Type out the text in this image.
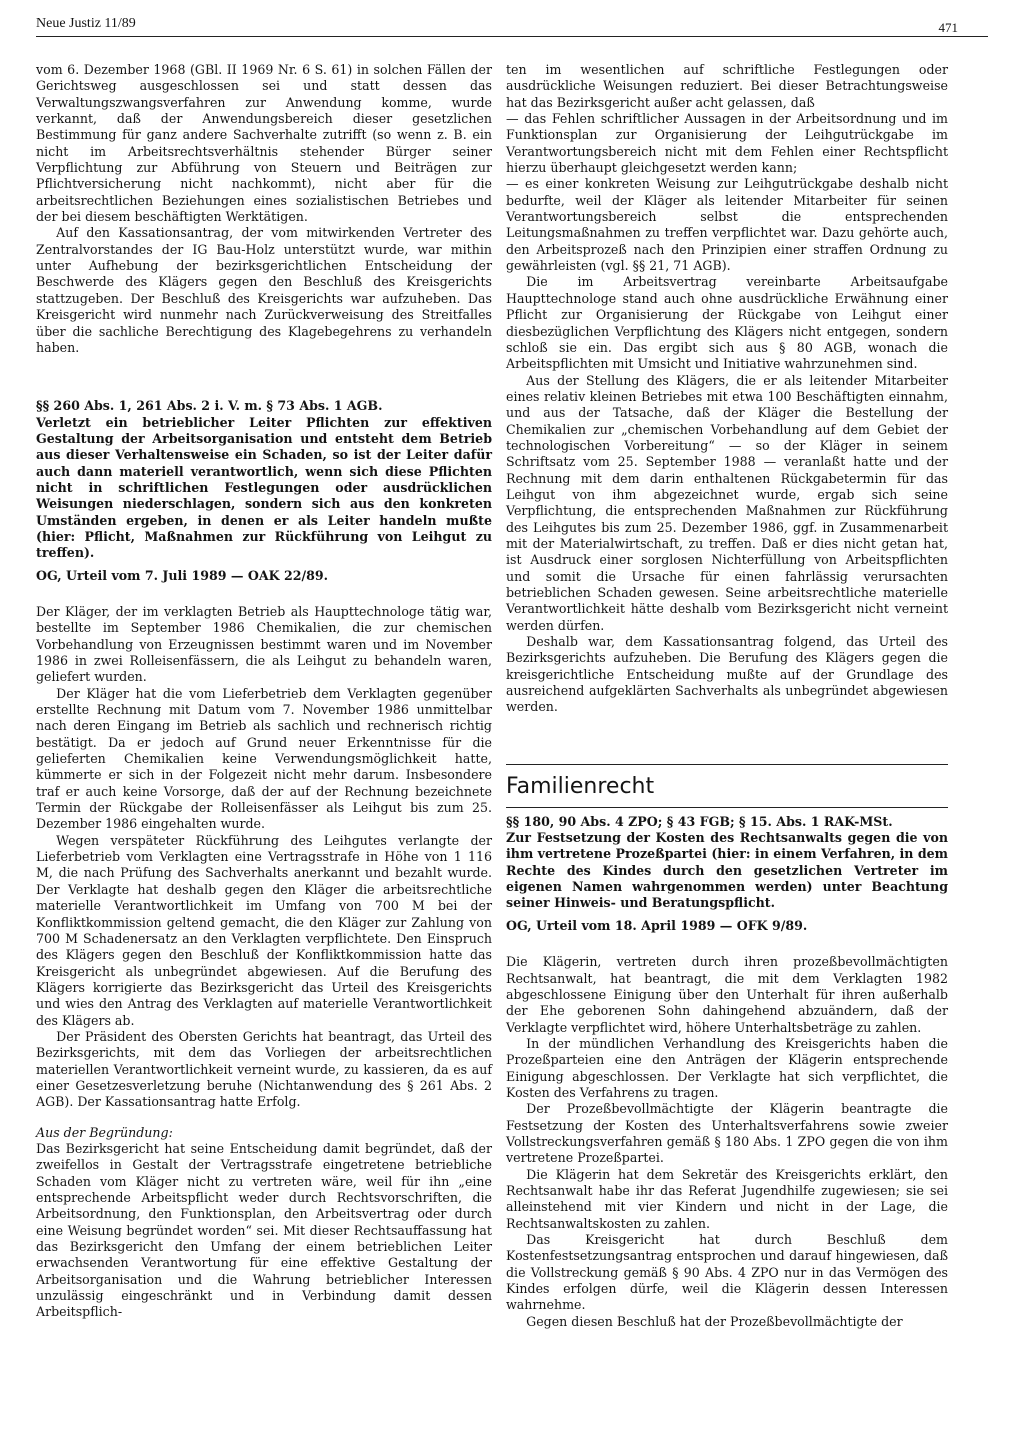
Neue Justiz 11/89	471

vom 6. Dezember 1968 (GBl. II 1969 Nr. 6 S. 61) in solchen Fällen der Gerichtsweg ausgeschlossen sei und statt dessen das Verwaltungszwangsverfahren zur Anwendung komme, wurde verkannt, daß der Anwendungsbereich dieser gesetzlichen Bestimmung für ganz andere Sachverhalte zutrifft (so wenn z. B. ein nicht im Arbeitsrechtsverhältnis stehender Bürger seiner Verpflichtung zur Abführung von Steuern und Beiträgen zur Pflichtversicherung nicht nachkommt), nicht aber für die arbeitsrechtlichen Beziehungen eines sozialistischen Betriebes und der bei diesem beschäftigten Werktätigen.

Auf den Kassationsantrag, der vom mitwirkenden Vertreter des Zentralvorstandes der IG Bau-Holz unterstützt wurde, war mithin unter Aufhebung der bezirksgerichtlichen Entscheidung der Beschwerde des Klägers gegen den Beschluß des Kreisgerichts stattzugeben. Der Beschluß des Kreisgerichts war aufzuheben. Das Kreisgericht wird nunmehr nach Zurückverweisung des Streitfalles über die sachliche Berechtigung des Klagebegehrens zu verhandeln haben.

§§ 260 Abs. 1, 261 Abs. 2 i. V. m. § 73 Abs. 1 AGB.

Verletzt ein betrieblicher Leiter Pflichten zur effektiven Gestaltung der Arbeitsorganisation und entsteht dem Betrieb aus dieser Verhaltensweise ein Schaden, so ist der Leiter dafür auch dann materiell verantwortlich, wenn sich diese Pflichten nicht in schriftlichen Festlegungen oder ausdrücklichen Weisungen niederschlagen, sondern sich aus den konkreten Umständen ergeben, in denen er als Leiter handeln mußte (hier: Pflicht, Maßnahmen zur Rückführung von Leihgut zu treffen).

OG, Urteil vom 7. Juli 1989 — OAK 22/89.

Der Kläger, der im verklagten Betrieb als Haupttechnologe tätig war, bestellte im September 1986 Chemikalien, die zur chemischen Vorbehandlung von Erzeugnissen bestimmt waren und im November 1986 in zwei Rolleisenfässern, die als Leihgut zu behandeln waren, geliefert wurden.

Der Kläger hat die vom Lieferbetrieb dem Verklagten gegenüber erstellte Rechnung mit Datum vom 7. November 1986 unmittelbar nach deren Eingang im Betrieb als sachlich und rechnerisch richtig bestätigt. Da er jedoch auf Grund neuer Erkenntnisse für die gelieferten Chemikalien keine Verwendungsmöglichkeit hatte, kümmerte er sich in der Folgezeit nicht mehr darum. Insbesondere traf er auch keine Vorsorge, daß der auf der Rechnung bezeichnete Termin der Rückgabe der Rolleisenfässer als Leihgut bis zum 25. Dezember 1986 eingehalten wurde.

Wegen verspäteter Rückführung des Leihgutes verlangte der Lieferbetrieb vom Verklagten eine Vertragsstrafe in Höhe von 1 116 M, die nach Prüfung des Sachverhalts anerkannt und bezahlt wurde. Der Verklagte hat deshalb gegen den Kläger die arbeitsrechtliche materielle Verantwortlichkeit im Umfang von 700 M bei der Konfliktkommission geltend gemacht, die den Kläger zur Zahlung von 700 M Schadenersatz an den Verklagten verpflichtete. Den Einspruch des Klägers gegen den Beschluß der Konfliktkommission hatte das Kreisgericht als unbegründet abgewiesen. Auf die Berufung des Klägers korrigierte das Bezirksgericht das Urteil des Kreisgerichts und wies den Antrag des Verklagten auf materielle Verantwortlichkeit des Klägers ab.

Der Präsident des Obersten Gerichts hat beantragt, das Urteil des Bezirksgerichts, mit dem das Vorliegen der arbeitsrechtlichen materiellen Verantwortlichkeit verneint wurde, zu kassieren, da es auf einer Gesetzesverletzung beruhe (Nichtanwendung des § 261 Abs. 2 AGB). Der Kassationsantrag hatte Erfolg.

Aus der Begründung:

Das Bezirksgericht hat seine Entscheidung damit begründet, daß der zweifellos in Gestalt der Vertragsstrafe eingetretene betriebliche Schaden vom Kläger nicht zu vertreten wäre, weil für ihn „eine entsprechende Arbeitspflicht weder durch Rechtsvorschriften, die Arbeitsordnung, den Funktionsplan, den Arbeitsvertrag oder durch eine Weisung begründet worden“ sei. Mit dieser Rechtsauffassung hat das Bezirksgericht den Umfang der einem betrieblichen Leiter erwachsenden Verantwortung für eine effektive Gestaltung der Arbeitsorganisation und die Wahrung betrieblicher Interessen unzulässig eingeschränkt und in Verbindung damit dessen Arbeitspflich-

ten im wesentlichen auf schriftliche Festlegungen oder ausdrückliche Weisungen reduziert. Bei dieser Betrachtungsweise hat das Bezirksgericht außer acht gelassen, daß

— das Fehlen schriftlicher Aussagen in der Arbeitsordnung und im Funktionsplan zur Organisierung der Leihgutrückgabe im Verantwortungsbereich nicht mit dem Fehlen einer Rechtspflicht hierzu überhaupt gleichgesetzt werden kann;

— es einer konkreten Weisung zur Leihgutrückgabe deshalb nicht bedurfte, weil der Kläger als leitender Mitarbeiter für seinen Verantwortungsbereich selbst die entsprechenden Leitungsmaßnahmen zu treffen verpflichtet war. Dazu gehörte auch, den Arbeitsprozeß nach den Prinzipien einer straffen Ordnung zu gewährleisten (vgl. §§ 21, 71 AGB).

Die im Arbeitsvertrag vereinbarte Arbeitsaufgabe Haupttechnologe stand auch ohne ausdrückliche Erwähnung einer Pflicht zur Organisierung der Rückgabe von Leihgut einer diesbezüglichen Verpflichtung des Klägers nicht entgegen, sondern schloß sie ein. Das ergibt sich aus § 80 AGB, wonach die Arbeitspflichten mit Umsicht und Initiative wahrzunehmen sind.

Aus der Stellung des Klägers, die er als leitender Mitarbeiter eines relativ kleinen Betriebes mit etwa 100 Beschäftigten einnahm, und aus der Tatsache, daß der Kläger die Bestellung der Chemikalien zur „chemischen Vorbehandlung auf dem Gebiet der technologischen Vorbereitung“ — so der Kläger in seinem Schriftsatz vom 25. September 1988 — veranlaßt hatte und der Rechnung mit dem darin enthaltenen Rückgabetermin für das Leihgut von ihm abgezeichnet wurde, ergab sich seine Verpflichtung, die entsprechenden Maßnahmen zur Rückführung des Leihgutes bis zum 25. Dezember 1986, ggf. in Zusammenarbeit mit der Materialwirtschaft, zu treffen. Daß er dies nicht getan hat, ist Ausdruck einer sorglosen Nichterfüllung von Arbeitspflichten und somit die Ursache für einen fahrlässig verursachten betrieblichen Schaden gewesen. Seine arbeitsrechtliche materielle Verantwortlichkeit hätte deshalb vom Bezirksgericht nicht verneint werden dürfen.

Deshalb war, dem Kassationsantrag folgend, das Urteil des Bezirksgerichts aufzuheben. Die Berufung des Klägers gegen die kreisgerichtliche Entscheidung mußte auf der Grundlage des ausreichend aufgeklärten Sachverhalts als unbegründet abgewiesen werden.

Familienrecht

§§ 180, 90 Abs. 4 ZPO; § 43 FGB; § 15. Abs. 1 RAK-MSt.

Zur Festsetzung der Kosten des Rechtsanwalts gegen die von ihm vertretene Prozeßpartei (hier: in einem Verfahren, in dem Rechte des Kindes durch den gesetzlichen Vertreter im eigenen Namen wahrgenommen werden) unter Beachtung seiner Hinweis- und Beratungspflicht.

OG, Urteil vom 18. April 1989 — OFK 9/89.

Die Klägerin, vertreten durch ihren prozeßbevollmächtigten Rechtsanwalt, hat beantragt, die mit dem Verklagten 1982 abgeschlossene Einigung über den Unterhalt für ihren außerhalb der Ehe geborenen Sohn dahingehend abzuändern, daß der Verklagte verpflichtet wird, höhere Unterhaltsbeträge zu zahlen.

In der mündlichen Verhandlung des Kreisgerichts haben die Prozeßparteien eine den Anträgen der Klägerin entsprechende Einigung abgeschlossen. Der Verklagte hat sich verpflichtet, die Kosten des Verfahrens zu tragen.

Der Prozeßbevollmächtigte der Klägerin beantragte die Festsetzung der Kosten des Unterhaltsverfahrens sowie zweier Vollstreckungsverfahren gemäß § 180 Abs. 1 ZPO gegen die von ihm vertretene Prozeßpartei.

Die Klägerin hat dem Sekretär des Kreisgerichts erklärt, den Rechtsanwalt habe ihr das Referat Jugendhilfe zugewiesen; sie sei alleinstehend mit vier Kindern und nicht in der Lage, die Rechtsanwaltskosten zu zahlen.

Das Kreisgericht hat durch Beschluß dem Kostenfestsetzungsantrag entsprochen und darauf hingewiesen, daß die Vollstreckung gemäß § 90 Abs. 4 ZPO nur in das Vermögen des Kindes erfolgen dürfe, weil die Klägerin dessen Interessen wahrnehme.

Gegen diesen Beschluß hat der Prozeßbevollmächtigte der
